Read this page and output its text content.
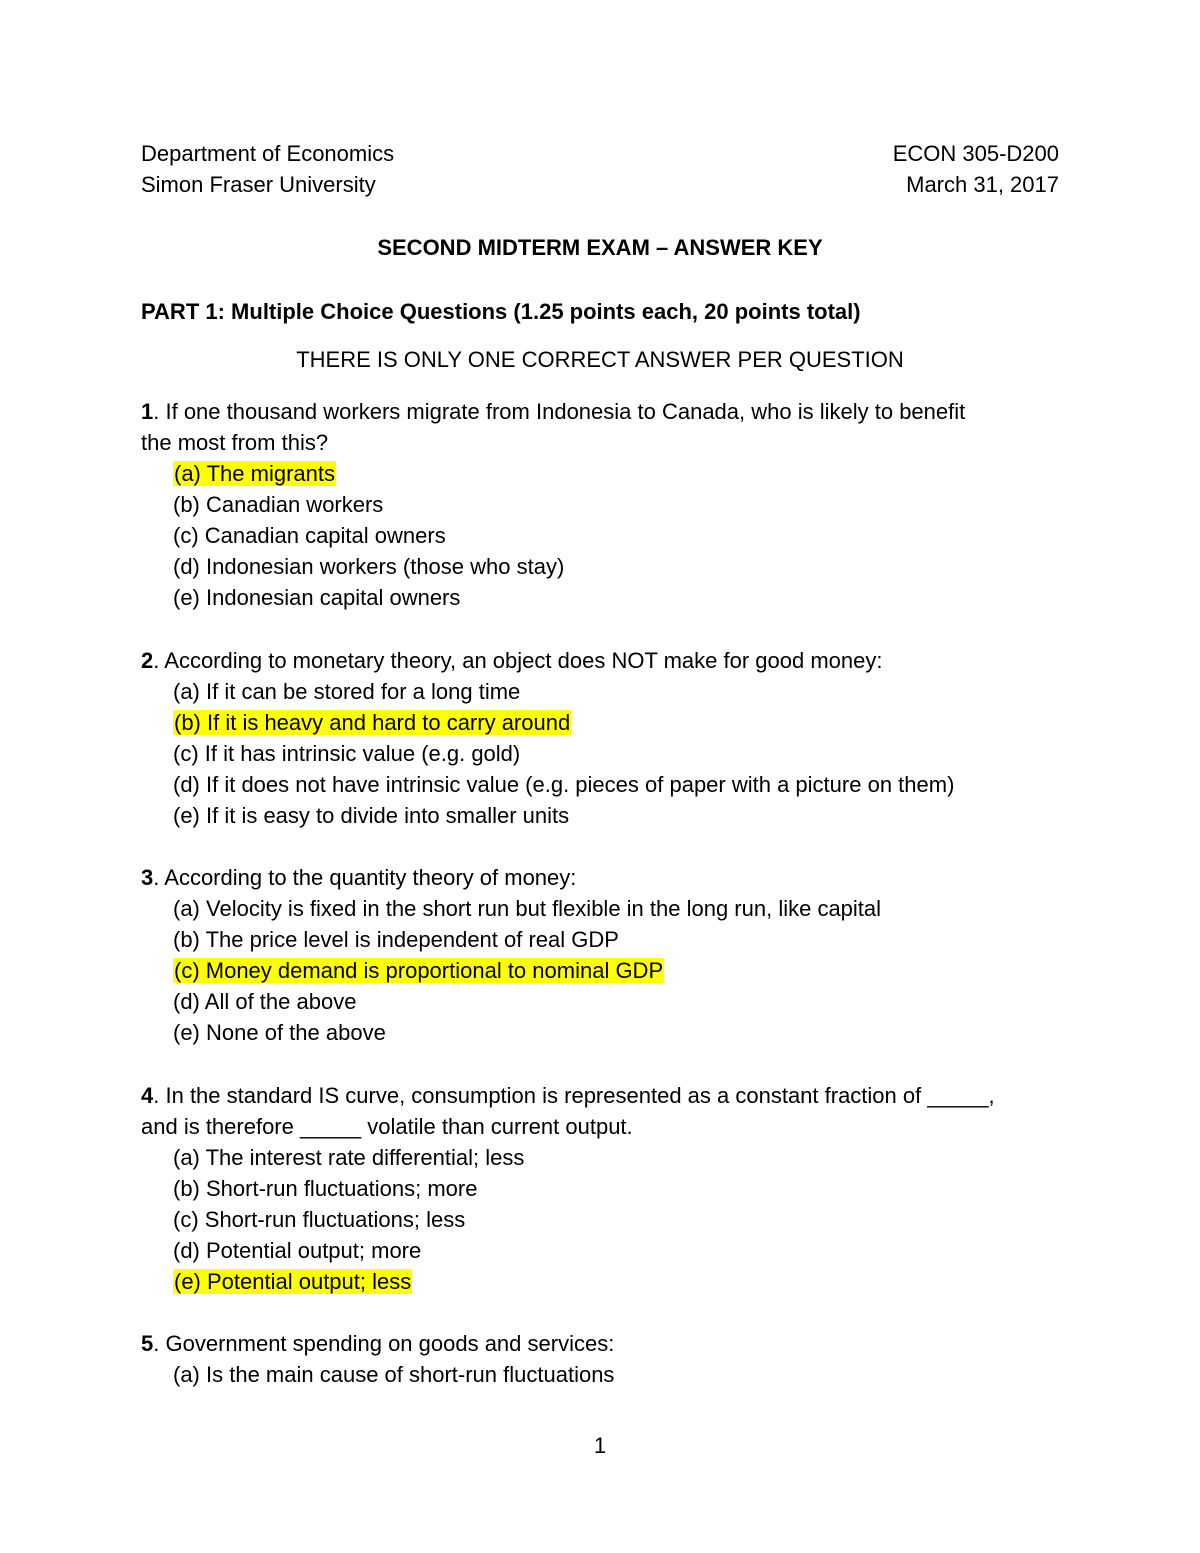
Department of Economics	ECON 305-D200
Simon Fraser University	March 31, 2017
SECOND MIDTERM EXAM – ANSWER KEY
PART 1: Multiple Choice Questions (1.25 points each, 20 points total)
THERE IS ONLY ONE CORRECT ANSWER PER QUESTION
1. If one thousand workers migrate from Indonesia to Canada, who is likely to benefit
the most from this?
(a) The migrants
(b) Canadian workers
(c) Canadian capital owners
(d) Indonesian workers (those who stay)
(e) Indonesian capital owners
2. According to monetary theory, an object does NOT make for good money:
(a) If it can be stored for a long time
(b) If it is heavy and hard to carry around
(c) If it has intrinsic value (e.g. gold)
(d) If it does not have intrinsic value (e.g. pieces of paper with a picture on them)
(e) If it is easy to divide into smaller units
3. According to the quantity theory of money:
(a) Velocity is fixed in the short run but flexible in the long run, like capital
(b) The price level is independent of real GDP
(c) Money demand is proportional to nominal GDP
(d) All of the above
(e) None of the above
4. In the standard IS curve, consumption is represented as a constant fraction of _____,
and is therefore _____ volatile than current output.
(a) The interest rate differential; less
(b) Short-run fluctuations; more
(c) Short-run fluctuations; less
(d) Potential output; more
(e) Potential output; less
5. Government spending on goods and services:
(a) Is the main cause of short-run fluctuations
1
